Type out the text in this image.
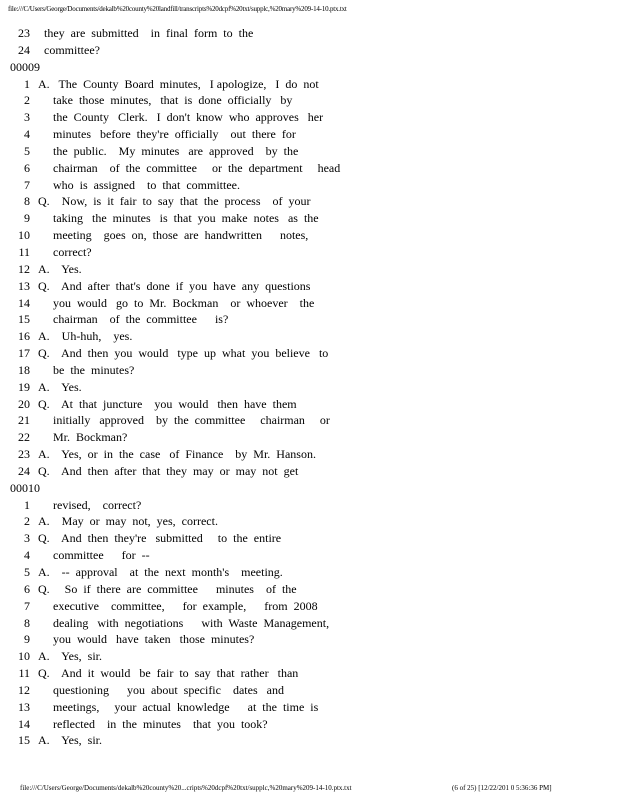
file:///C/Users/George/Documents/dekalb%20county%20landfill/transcripts%20dcpf%20txt/supplc,%20mary%209-14-10.ptx.txt
23 they  are  submitted    in  final  form  to  the
24 committee?
00009
1 A.   The  County  Board  minutes,   I apologize,   I  do  not
2 take  those  minutes,   that  is  done  officially   by
3 the  County   Clerk.   I  don't  know  who  approves   her
4 minutes   before  they're  officially    out  there  for
5 the  public.    My  minutes   are  approved    by  the
6 chairman    of  the  committee     or  the  department     head
7 who  is  assigned    to  that  committee.
8 Q.    Now,  is  it  fair  to  say  that  the  process    of  your
9 taking   the  minutes   is  that  you  make  notes   as  the
10 meeting    goes  on,  those  are  handwritten      notes,
11 correct?
12 A.    Yes.
13 Q.    And  after  that's  done  if  you  have  any  questions
14 you  would   go  to  Mr.  Bockman    or  whoever    the
15 chairman    of  the  committee      is?
16 A.    Uh-huh,    yes.
17 Q.    And  then  you  would   type  up  what  you  believe   to
18 be  the  minutes?
19 A.    Yes.
20 Q.    At  that  juncture    you  would   then  have  them
21 initially   approved    by  the  committee     chairman     or
22 Mr.  Bockman?
23 A.    Yes,  or  in  the  case   of  Finance    by  Mr.  Hanson.
24 Q.    And  then  after  that  they  may  or  may  not  get
00010
1 revised,    correct?
2 A.    May  or  may  not,  yes,  correct.
3 Q.    And  then  they're   submitted     to  the  entire
4 committee      for  --
5 A.    --  approval    at  the  next  month's    meeting.
6 Q.     So  if  there  are  committee      minutes    of  the
7 executive    committee,      for  example,      from  2008
8 dealing   with  negotiations      with  Waste  Management,
9 you  would   have  taken   those  minutes?
10 A.    Yes,  sir.
11 Q.    And  it  would   be  fair  to  say  that  rather   than
12 questioning      you  about  specific    dates   and
13 meetings,     your  actual  knowledge      at  the  time  is
14 reflected    in  the  minutes    that  you  took?
15 A.    Yes,  sir.
file:///C/Users/George/Documents/dekalb%20county%20...cripts%20dcpf%20txt/supplc,%20mary%209-14-10.ptx.txt	(6 of 25) [12/22/201 0 5:36:36 PM]
